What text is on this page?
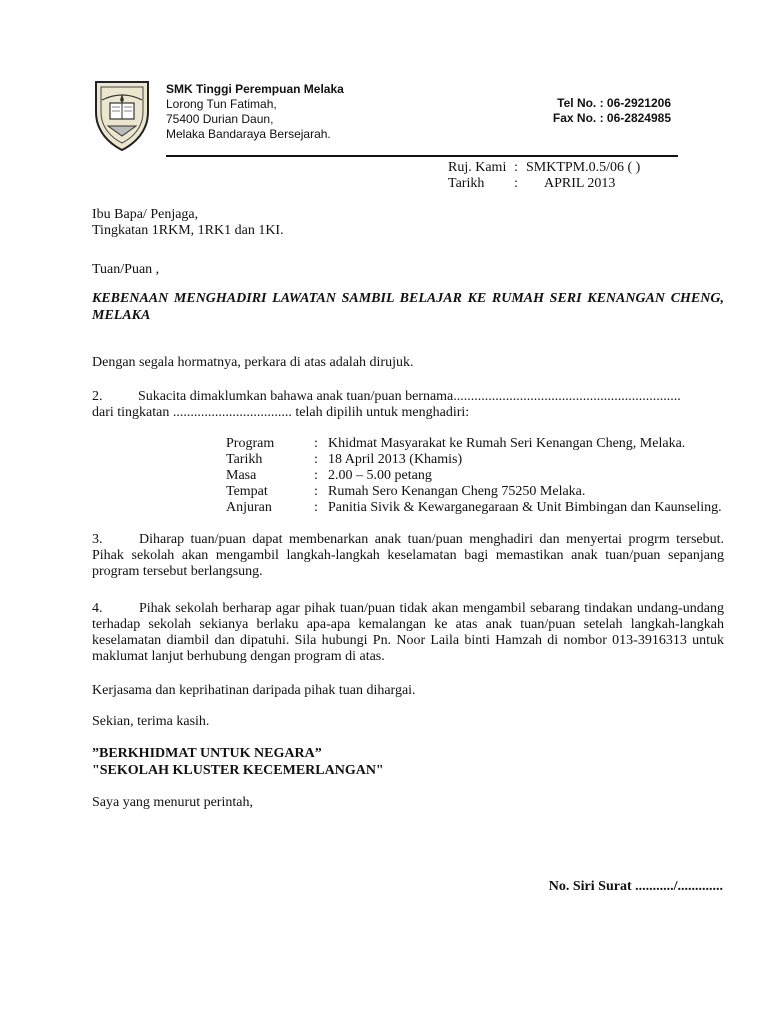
SMK Tinggi Perempuan Melaka
Lorong Tun Fatimah,
75400 Durian Daun,
Melaka Bandaraya Bersejarah.
Tel No. : 06-2921206
Fax No. : 06-2824985
Ruj. Kami : SMKTPM.0.5/06 ( )
Tarikh	:	APRIL 2013
Ibu Bapa/ Penjaga,
Tingkatan 1RKM, 1RK1 dan 1KI.
Tuan/Puan ,
KEBENAAN MENGHADIRI LAWATAN SAMBIL BELAJAR KE RUMAH SERI KENANGAN CHENG, MELAKA
Dengan segala hormatnya, perkara di atas adalah dirujuk.
2.	Sukacita dimaklumkan bahawa anak tuan/puan bernama.................................................................
dari tingkatan .................................. telah dipilih untuk menghadiri:
Program	: Khidmat Masyarakat ke Rumah Seri Kenangan Cheng, Melaka.
Tarikh	: 18 April 2013 (Khamis)
Masa	: 2.00 – 5.00 petang
Tempat	: Rumah Sero Kenangan Cheng 75250 Melaka.
Anjuran	: Panitia Sivik & Kewarganegaraan & Unit Bimbingan dan Kaunseling.
3.	Diharap tuan/puan dapat membenarkan anak tuan/puan menghadiri dan menyertai progrm tersebut. Pihak sekolah akan mengambil langkah-langkah keselamatan bagi memastikan anak tuan/puan sepanjang program tersebut berlangsung.
4.	Pihak sekolah berharap agar pihak tuan/puan tidak akan mengambil sebarang tindakan undang-undang terhadap sekolah sekianya berlaku apa-apa kemalangan ke atas anak tuan/puan setelah langkah-langkah keselamatan diambil dan dipatuhi. Sila hubungi Pn. Noor Laila binti Hamzah di nombor 013-3916313 untuk maklumat lanjut berhubung dengan program di atas.
Kerjasama dan keprihatinan daripada pihak tuan dihargai.
Sekian, terima kasih.
”BERKHIDMAT UNTUK NEGARA”
"SEKOLAH KLUSTER KECEMERLANGAN"
Saya yang menurut perintah,
No. Siri Surat .........../.............
